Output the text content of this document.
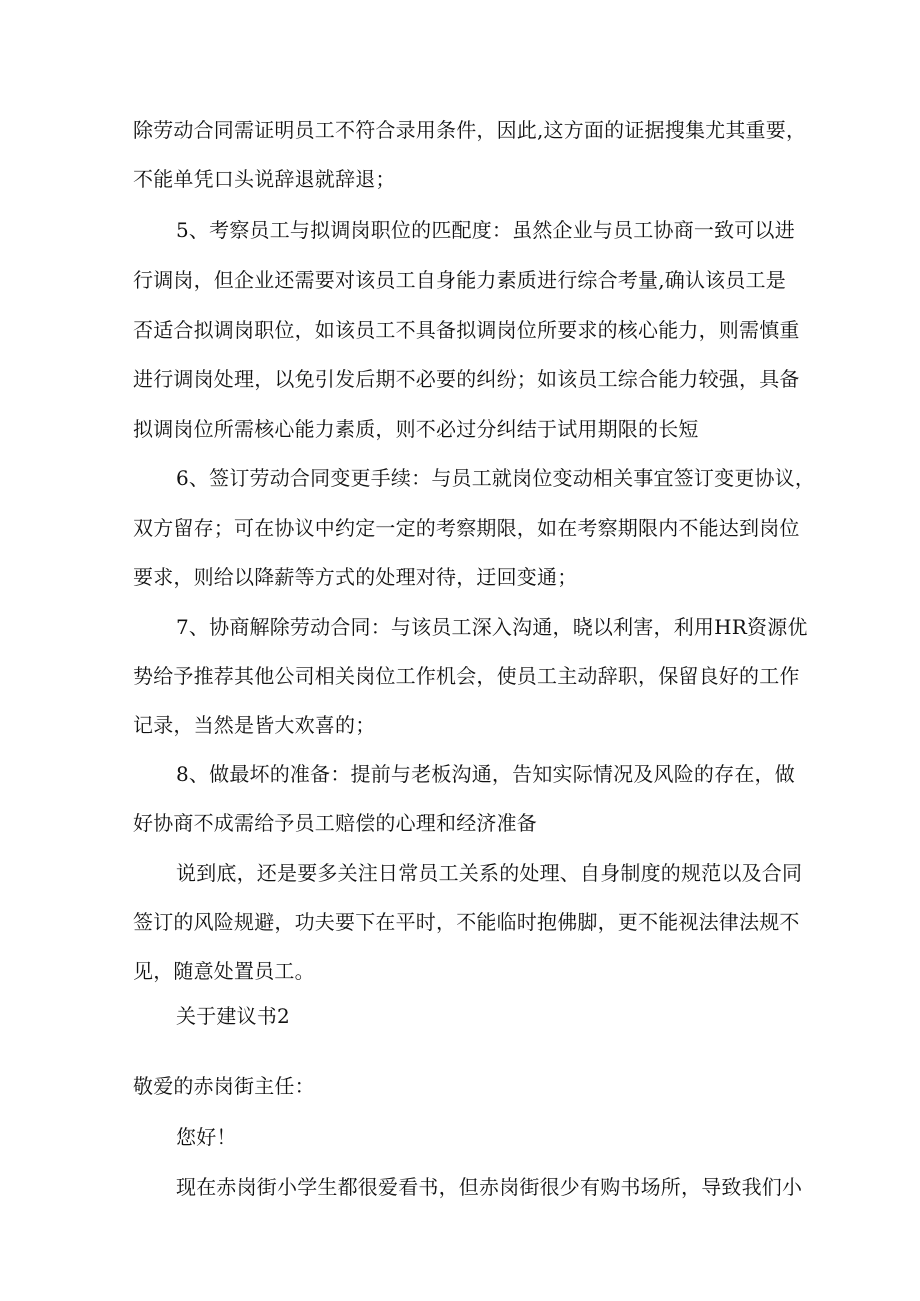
除劳动合同需证明员工不符合录用条件，因此,这方面的证据搜集尤其重要，

不能单凭口头说辞退就辞退；

5、考察员工与拟调岗职位的匹配度：虽然企业与员工协商一致可以进

行调岗，但企业还需要对该员工自身能力素质进行综合考量,确认该员工是

否适合拟调岗职位，如该员工不具备拟调岗位所要求的核心能力，则需慎重

进行调岗处理，以免引发后期不必要的纠纷；如该员工综合能力较强，具备

拟调岗位所需核心能力素质，则不必过分纠结于试用期限的长短

6、签订劳动合同变更手续：与员工就岗位变动相关事宜签订变更协议，

双方留存；可在协议中约定一定的考察期限，如在考察期限内不能达到岗位

要求，则给以降薪等方式的处理对待，迂回变通；

7、协商解除劳动合同：与该员工深入沟通，晓以利害，利用HR资源优

势给予推荐其他公司相关岗位工作机会，使员工主动辞职，保留良好的工作

记录，当然是皆大欢喜的；

8、做最坏的准备：提前与老板沟通，告知实际情况及风险的存在，做

好协商不成需给予员工赔偿的心理和经济准备

说到底，还是要多关注日常员工关系的处理、自身制度的规范以及合同

签订的风险规避，功夫要下在平时，不能临时抱佛脚，更不能视法律法规不

见，随意处置员工。

关于建议书2

敬爱的赤岗街主任：

您好！

现在赤岗街小学生都很爱看书，但赤岗街很少有购书场所，导致我们小
